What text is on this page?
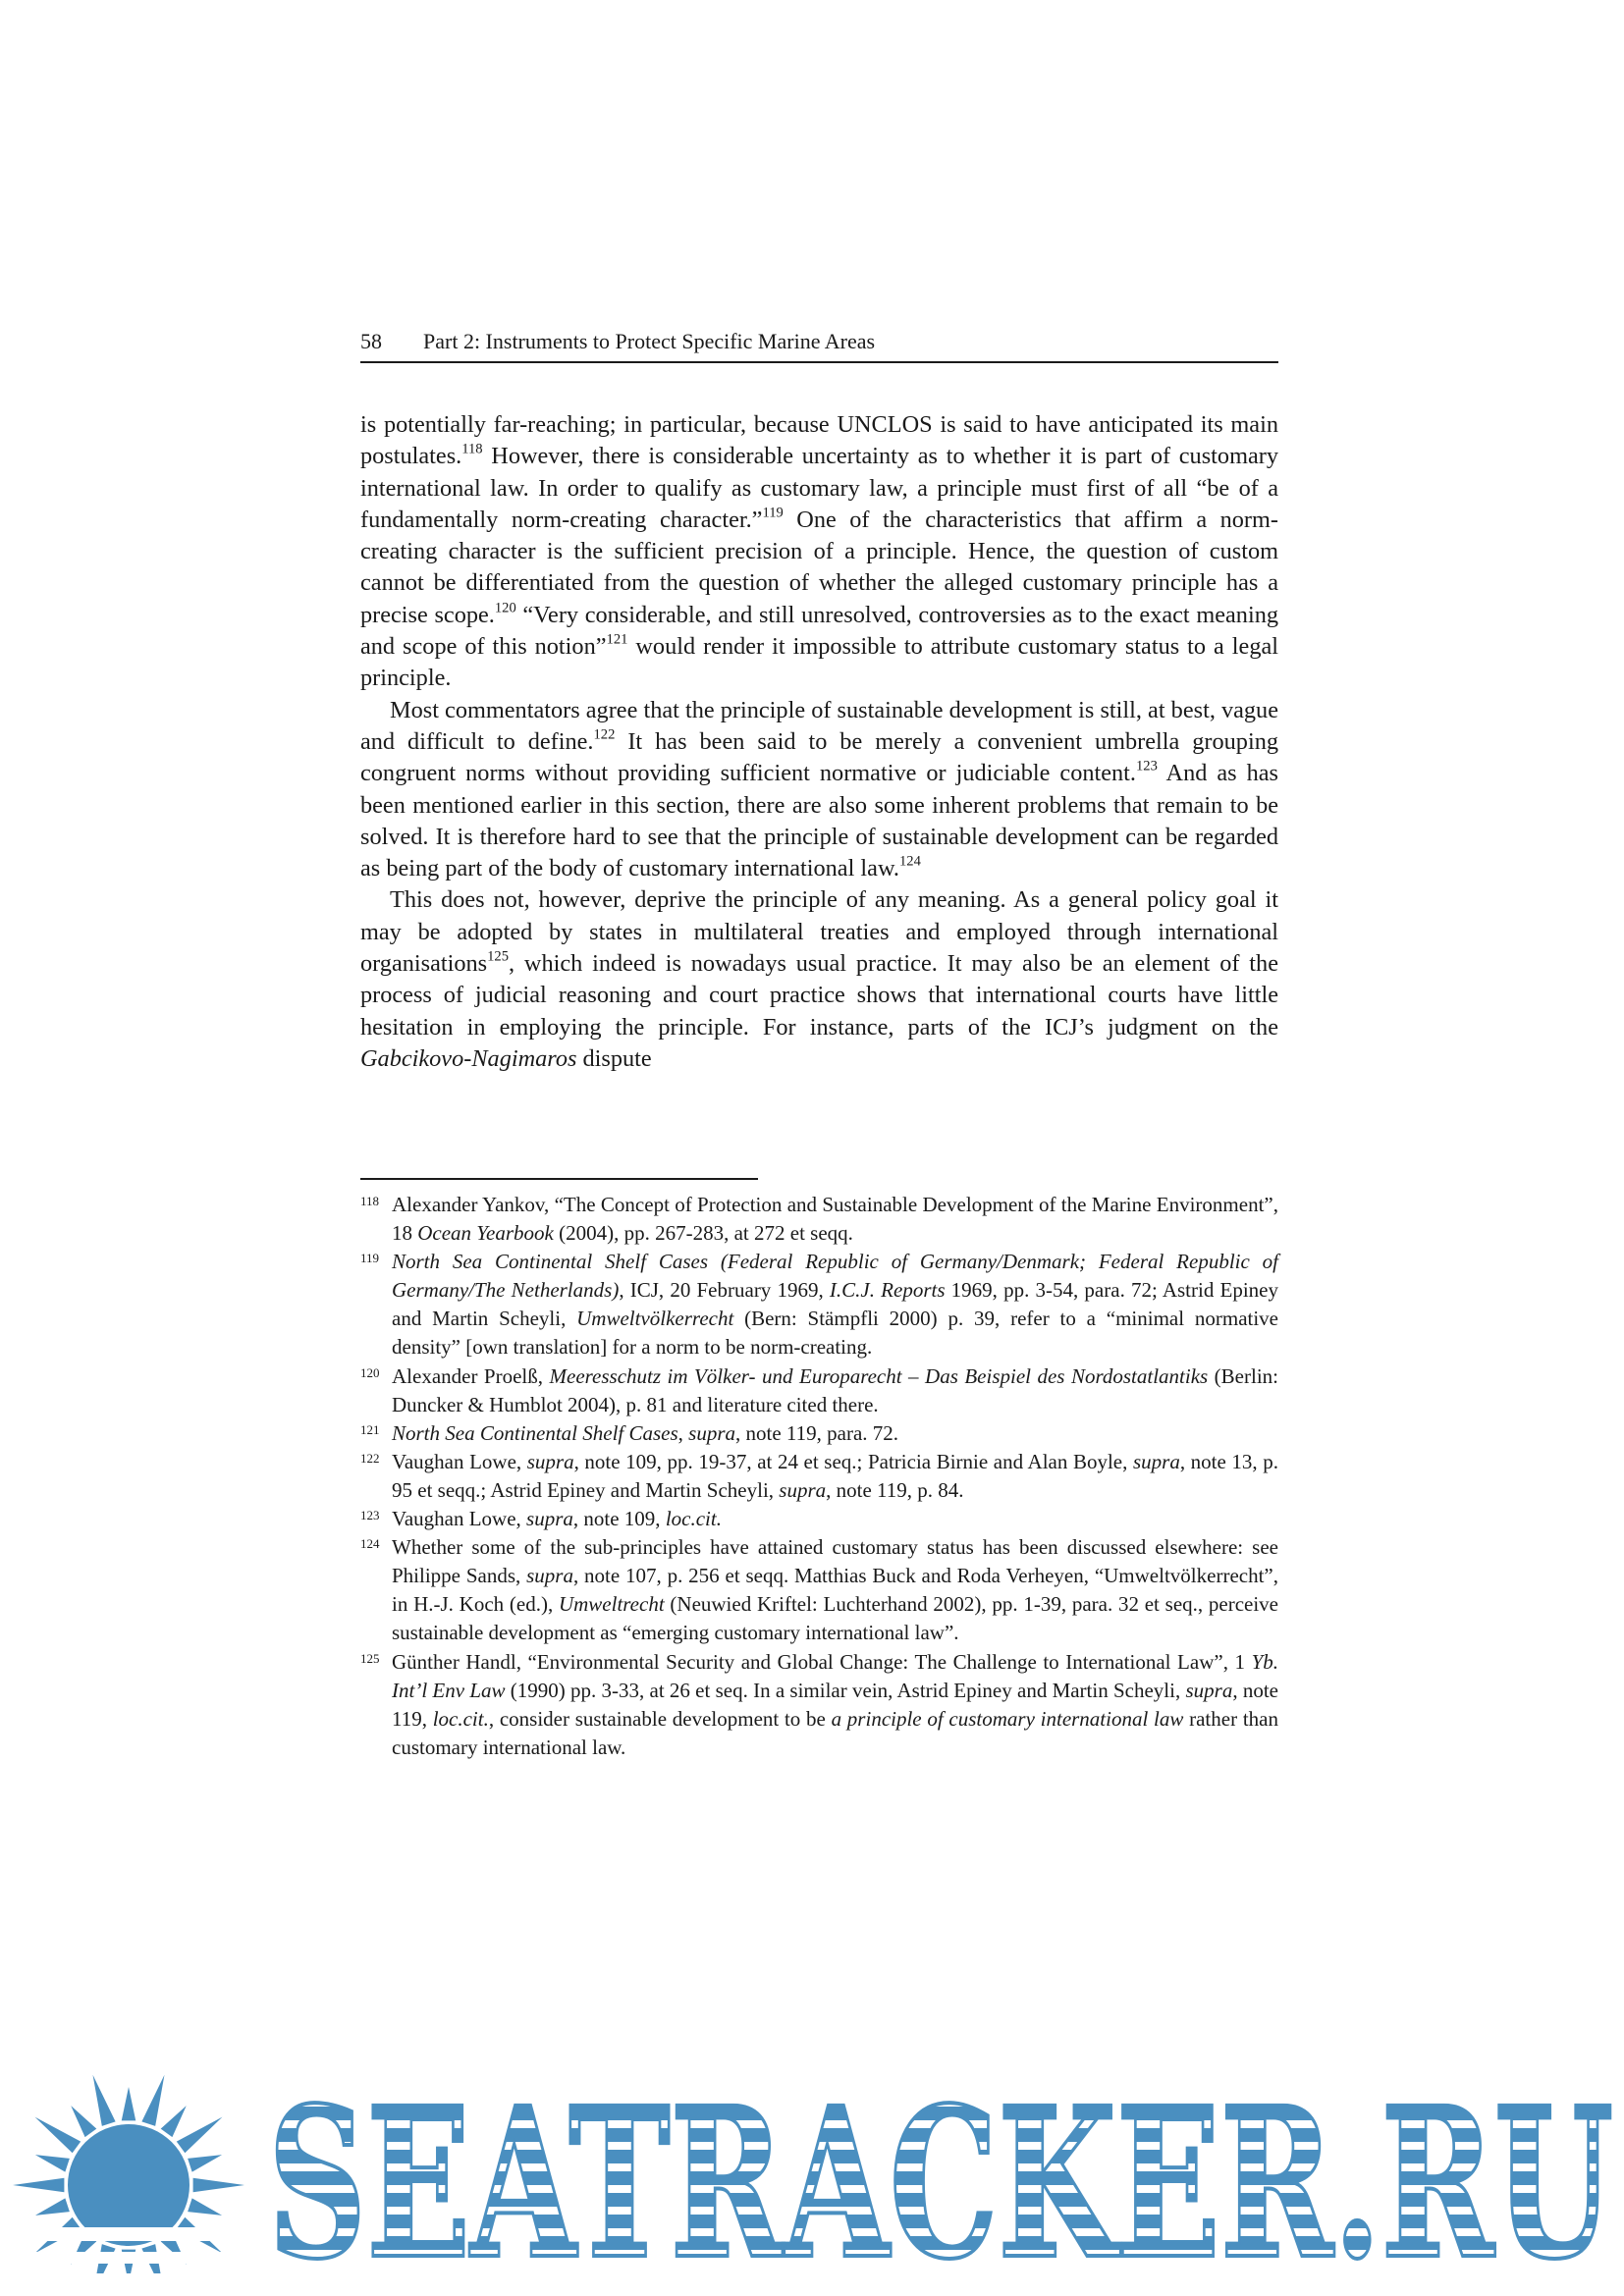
58 Part 2: Instruments to Protect Specific Marine Areas

is potentially far-reaching; in particular, because UNCLOS is said to have anticipated its main postulates.$^{118}$ However, there is considerable uncertainty as to whether it is part of customary international law. In order to qualify as customary law, a principle must first of all “be of a fundamentally norm-creating character.”$^{119}$ One of the characteristics that affirm a norm-creating character is the sufficient precision of a principle. Hence, the question of custom cannot be differentiated from the question of whether the alleged customary principle has a precise scope.$^{120}$ “Very considerable, and still unresolved, controversies as to the exact meaning and scope of this notion”$^{121}$ would render it impossible to attribute customary status to a legal principle.

Most commentators agree that the principle of sustainable development is still, at best, vague and difficult to define.$^{122}$ It has been said to be merely a convenient umbrella grouping congruent norms without providing sufficient normative or judiciable content.$^{123}$ And as has been mentioned earlier in this section, there are also some inherent problems that remain to be solved. It is therefore hard to see that the principle of sustainable development can be regarded as being part of the body of customary international law.$^{124}$

This does not, however, deprive the principle of any meaning. As a general policy goal it may be adopted by states in multilateral treaties and employed through international organisations$^{125}$, which indeed is nowadays usual practice. It may also be an element of the process of judicial reasoning and court practice shows that international courts have little hesitation in employing the principle. For instance, parts of the ICJ’s judgment on the Gabcikovo-Nagimaros dispute

118 Alexander Yankov, “The Concept of Protection and Sustainable Development of the Marine Environment”, 18 Ocean Yearbook (2004), pp. 267-283, at 272 et seqq.
119 North Sea Continental Shelf Cases (Federal Republic of Germany/Denmark; Federal Republic of Germany/The Netherlands), ICJ, 20 February 1969, I.C.J. Reports 1969, pp. 3-54, para. 72; Astrid Epiney and Martin Scheyli, Umweltvölkerrecht (Bern: Stämpfli 2000) p. 39, refer to a “minimal normative density” [own translation] for a norm to be norm-creating.
120 Alexander Proelß, Meeresschutz im Völker- und Europarecht – Das Beispiel des Nordostatlantiks (Berlin: Duncker & Humblot 2004), p. 81 and literature cited there.
121 North Sea Continental Shelf Cases, supra, note 119, para. 72.
122 Vaughan Lowe, supra, note 109, pp. 19-37, at 24 et seq.; Patricia Birnie and Alan Boyle, supra, note 13, p. 95 et seqq.; Astrid Epiney and Martin Scheyli, supra, note 119, p. 84.
123 Vaughan Lowe, supra, note 109, loc.cit.
124 Whether some of the sub-principles have attained customary status has been discussed elsewhere: see Philippe Sands, supra, note 107, p. 256 et seqq. Matthias Buck and Roda Verheyen, “Umweltvölkerrecht”, in H.-J. Koch (ed.), Umweltrecht (Neuwied Kriftel: Luchterhand 2002), pp. 1-39, para. 32 et seq., perceive sustainable development as “emerging customary international law”.
125 Günther Handl, “Environmental Security and Global Change: The Challenge to International Law”, 1 Yb. Int’l Env Law (1990) pp. 3-33, at 26 et seq. In a similar vein, Astrid Epiney and Martin Scheyli, supra, note 119, loc.cit., consider sustainable development to be a principle of customary international law rather than customary international law.
SEATRACKER.RU
